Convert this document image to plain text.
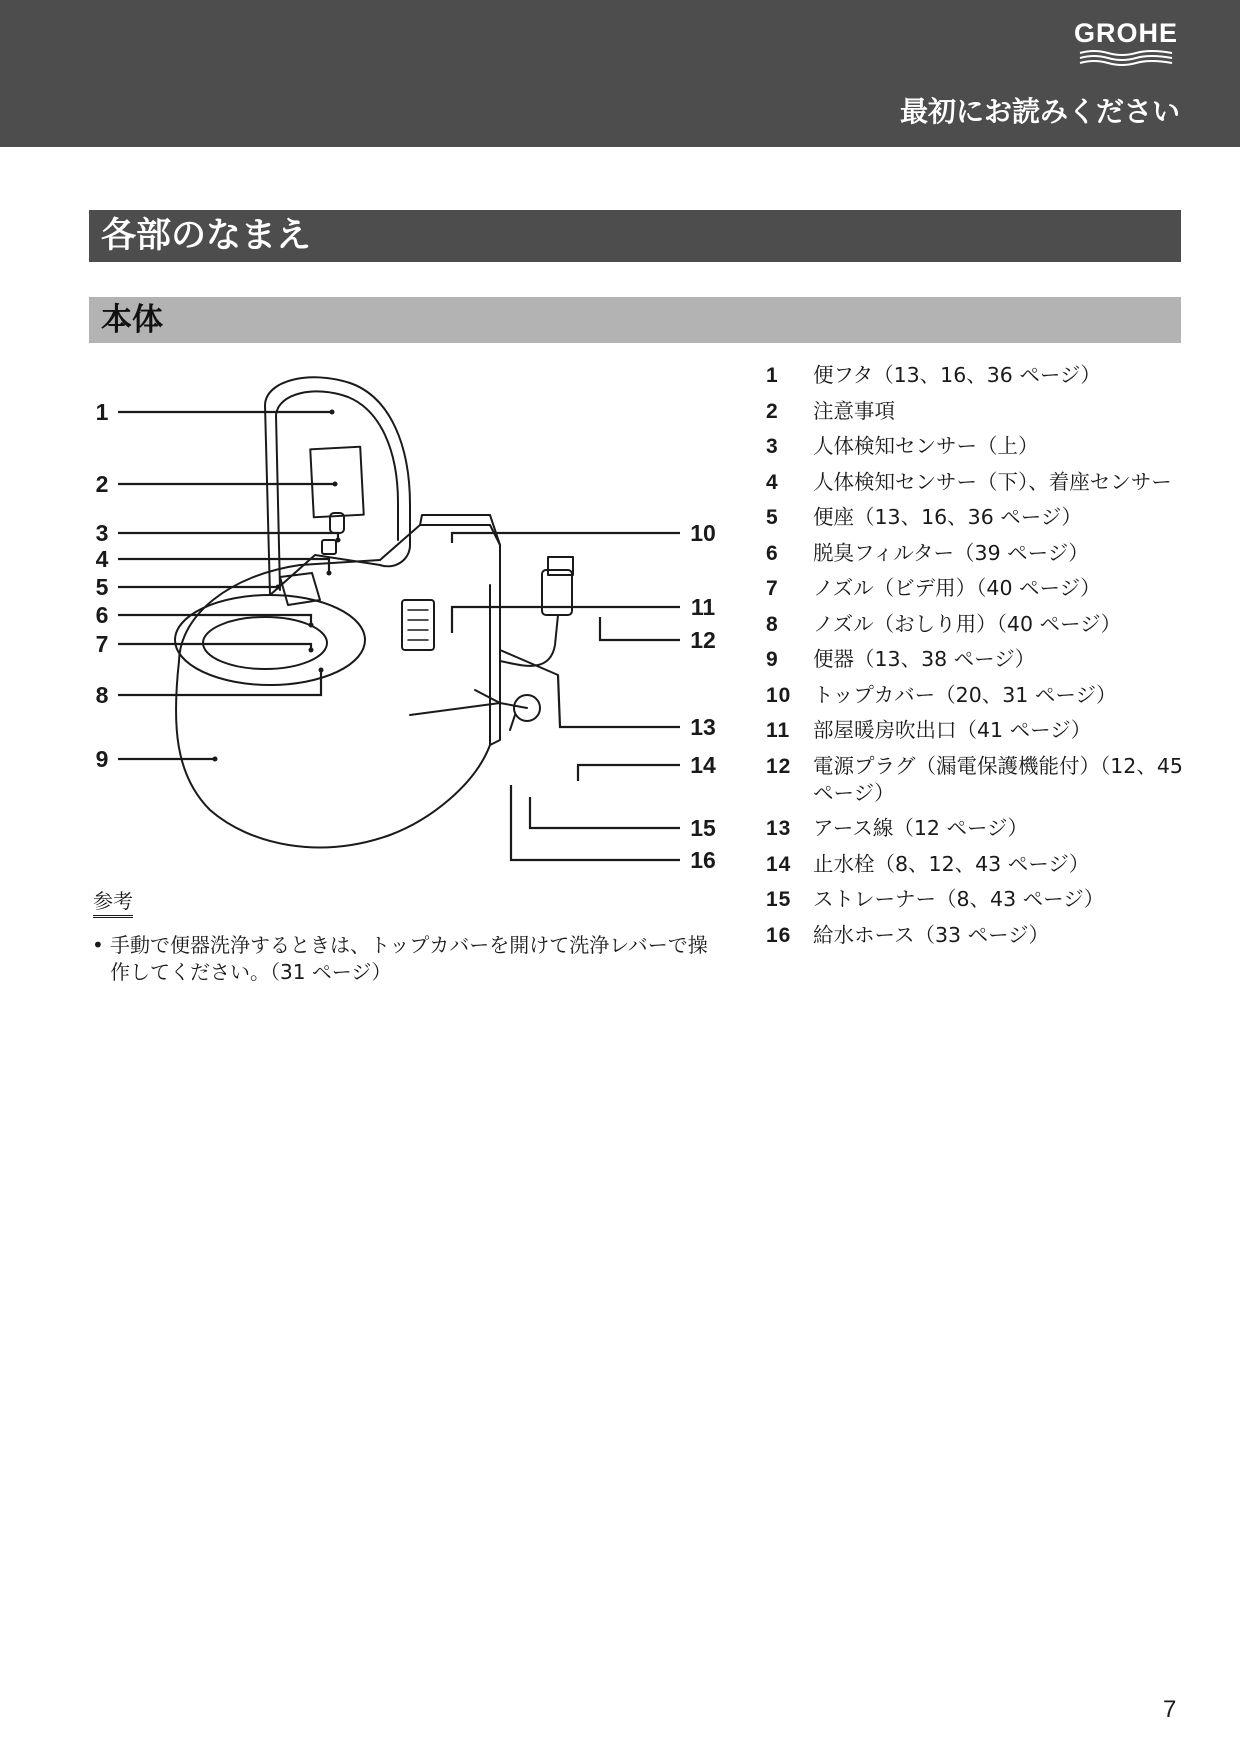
GROHE
最初にお読みください
各部のなまえ
本体
1
2
3
4
5
6
7
8
9
10
11
12
13
14
15
16
1 便フタ（13、16、36 ページ）
2 注意事項
3 人体検知センサー（上）
4 人体検知センサー（下）、着座センサー
5 便座（13、16、36 ページ）
6 脱臭フィルター（39 ページ）
7 ノズル（ビデ用）（40 ページ）
8 ノズル（おしり用）（40 ページ）
9 便器（13、38 ページ）
10 トップカバー（20、31 ページ）
11 部屋暖房吹出口（41 ページ）
12 電源プラグ（漏電保護機能付）（12、45 ページ）
13 アース線（12 ページ）
14 止水栓（8、12、43 ページ）
15 ストレーナー（8、43 ページ）
16 給水ホース（33 ページ）
参考
• 手動で便器洗浄するときは、トップカバーを開けて洗浄レバーで操作してください。（31 ページ）
7
